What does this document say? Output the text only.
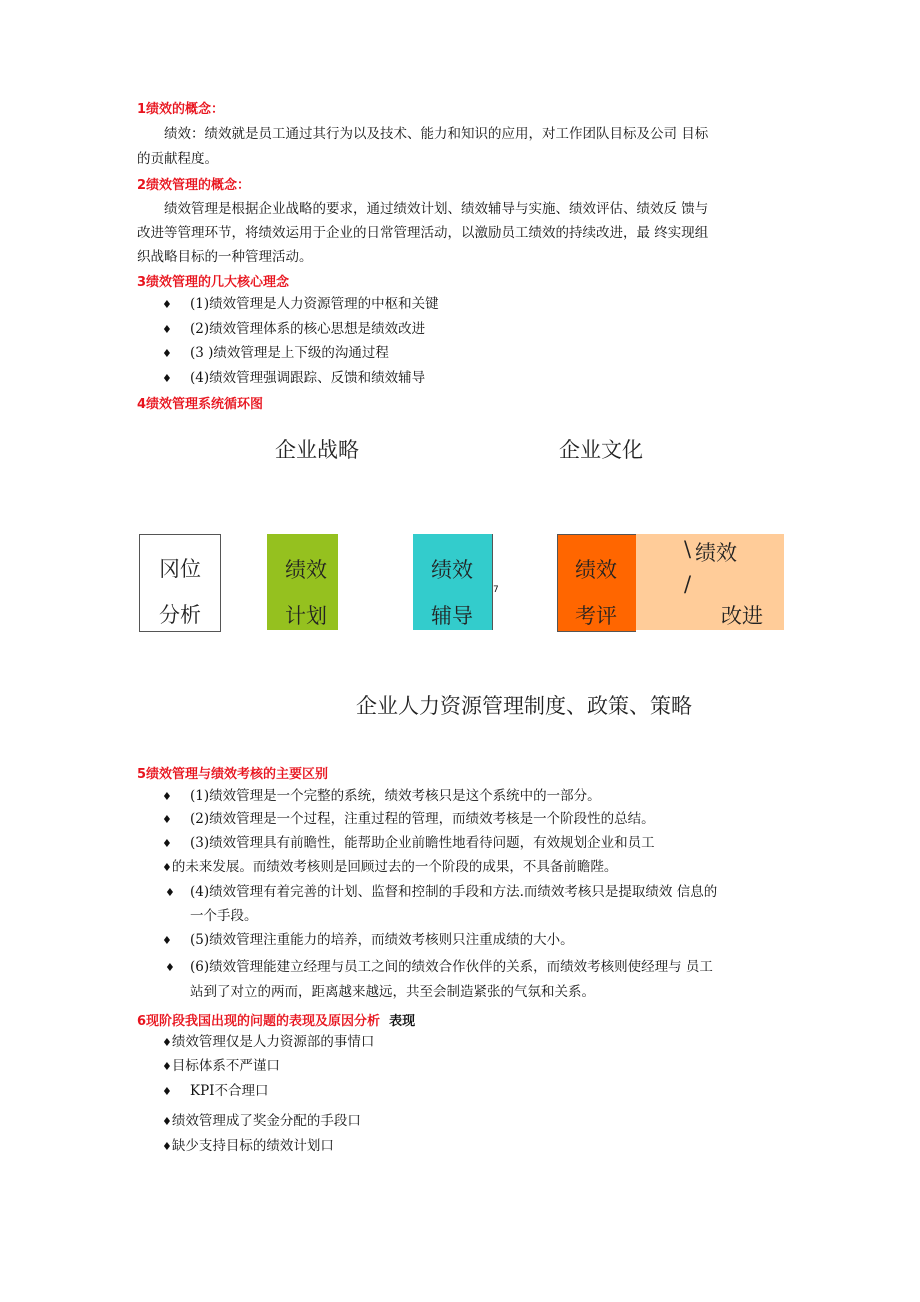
1绩效的概念：
绩效：绩效就是员工通过其行为以及技术、能力和知识的应用，对工作团队目标及公司 目标
的贡献程度。
2绩效管理的概念：
绩效管理是根据企业战略的要求，通过绩效计划、绩效辅导与实施、绩效评估、绩效反 馈与
改进等管理环节，将绩效运用于企业的日常管理活动，以激励员工绩效的持续改进，最 终实现组
织战略目标的一种管理活动。
3绩效管理的几大核心理念
♦ (1)绩效管理是人力资源管理的中枢和关键
♦ (2)绩效管理体系的核心思想是绩效改进
♦ (3 )绩效管理是上下级的沟通过程
♦ (4)绩效管理强调跟踪、反馈和绩效辅导
4绩效管理系统循环图
企业战略	企业文化
冈位
分析
绩效
计划
绩效
辅导
7
绩效
考评
\ 绩效
/
改进
企业人力资源管理制度、政策、策略
5绩效管理与绩效考核的主要区别
♦ (1)绩效管理是一个完整的系统，绩效考核只是这个系统中的一部分。
♦ (2)绩效管理是一个过程，注重过程的管理，而绩效考核是一个阶段性的总结。
♦ (3)绩效管理具有前瞻性，能帮助企业前瞻性地看待问题，有效规划企业和员工
♦的未来发展。而绩效考核则是回顾过去的一个阶段的成果，不具备前瞻陛。
♦ (4)绩效管理有着完善的计划、监督和控制的手段和方法.而绩效考核只是提取绩效 信息的
一个手段。
♦ (5)绩效管理注重能力的培养，而绩效考核则只注重成绩的大小。
♦ (6)绩效管理能建立经理与员工之间的绩效合作伙伴的关系，而绩效考核则使经理与 员工
站到了对立的两而，距离越来越远，共至会制造紧张的气氛和关系。
6现阶段我国出现的问题的表现及原因分析 表现
♦绩效管理仅是人力资源部的事情口
♦目标体系不严谨口
♦ KPI不合理口
♦绩效管理成了奖金分配的手段口
♦缺少支持目标的绩效计划口
